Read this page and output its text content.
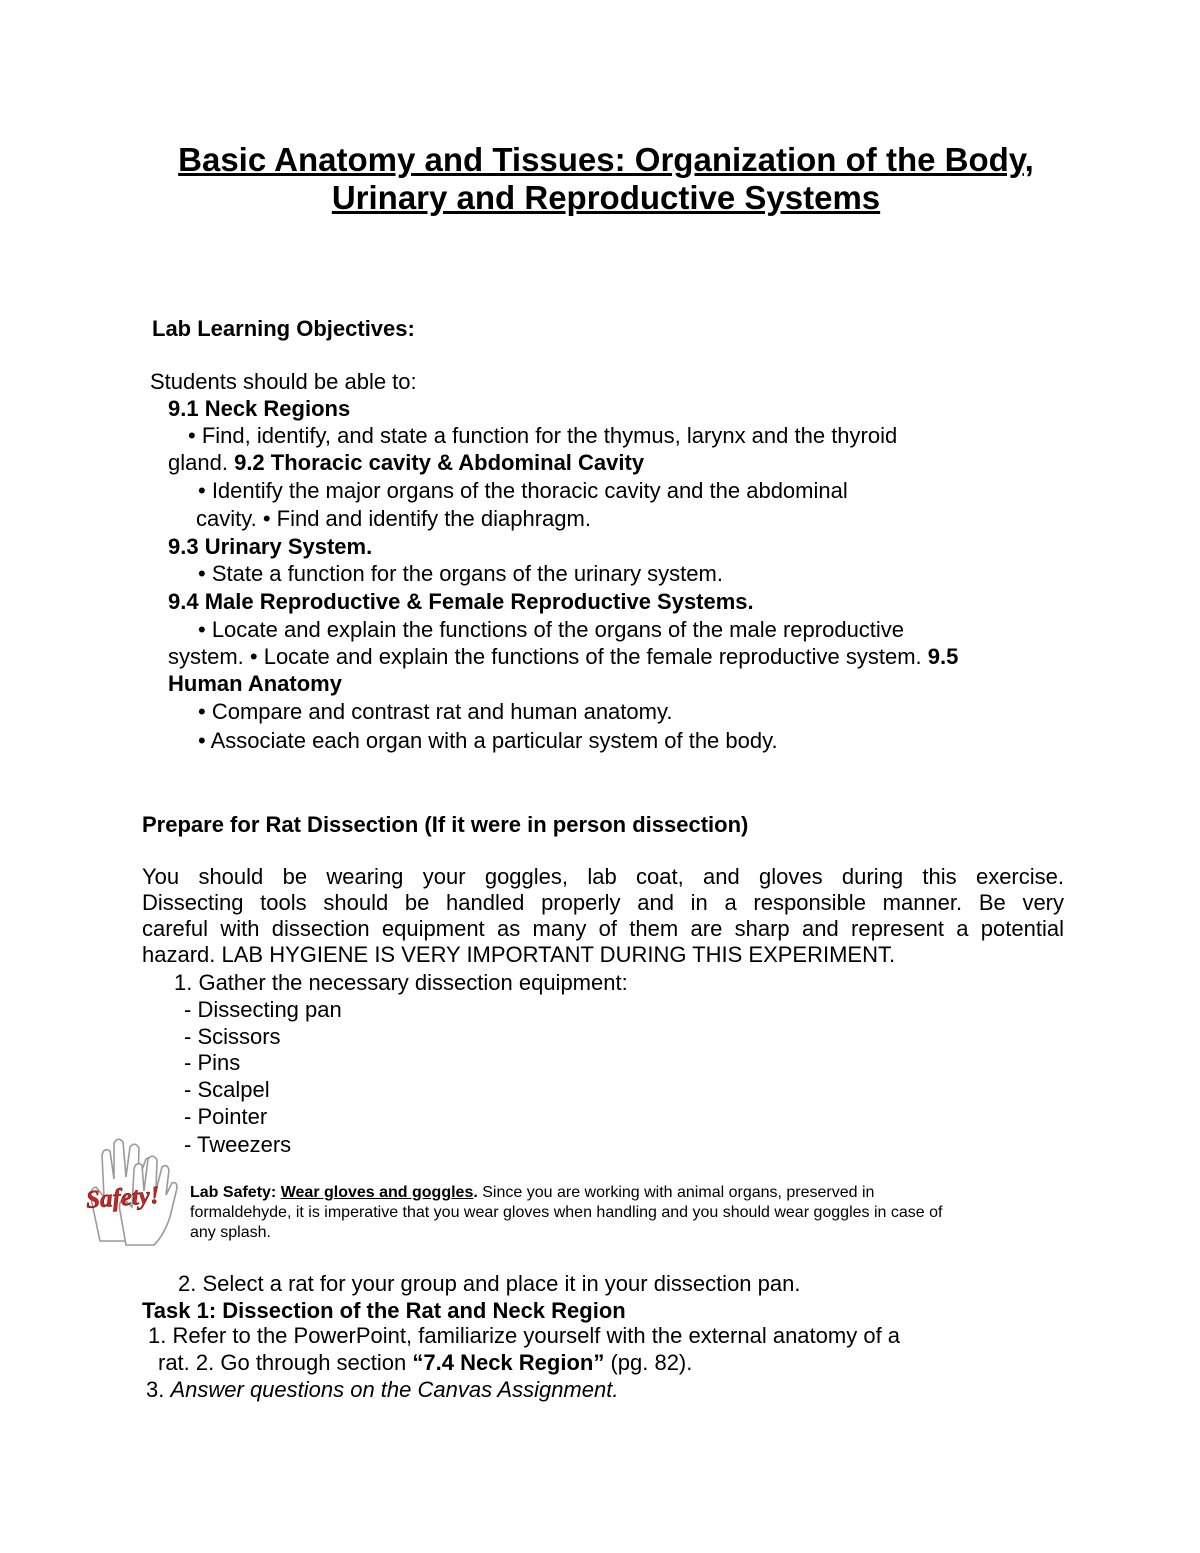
Basic Anatomy and Tissues: Organization of the Body,
Urinary and Reproductive Systems
Lab Learning Objectives:
Students should be able to:
9.1 Neck Regions
• Find, identify, and state a function for the thymus, larynx and the thyroid
gland. 9.2 Thoracic cavity & Abdominal Cavity
• Identify the major organs of the thoracic cavity and the abdominal
cavity. • Find and identify the diaphragm.
9.3 Urinary System.
• State a function for the organs of the urinary system.
9.4 Male Reproductive & Female Reproductive Systems.
• Locate and explain the functions of the organs of the male reproductive
system. • Locate and explain the functions of the female reproductive system. 9.5
Human Anatomy
• Compare and contrast rat and human anatomy.
• Associate each organ with a particular system of the body.
Prepare for Rat Dissection (If it were in person dissection)
You should be wearing your goggles, lab coat, and gloves during this exercise.
Dissecting tools should be handled properly and in a responsible manner. Be very
careful with dissection equipment as many of them are sharp and represent a potential
hazard. LAB HYGIENE IS VERY IMPORTANT DURING THIS EXPERIMENT.
1. Gather the necessary dissection equipment:
- Dissecting pan
- Scissors
- Pins
- Scalpel
- Pointer
- Tweezers
Safety! Lab Safety: Wear gloves and goggles. Since you are working with animal organs, preserved in
formaldehyde, it is imperative that you wear gloves when handling and you should wear goggles in case of
any splash.
2. Select a rat for your group and place it in your dissection pan.
Task 1: Dissection of the Rat and Neck Region
1. Refer to the PowerPoint, familiarize yourself with the external anatomy of a
rat. 2. Go through section “7.4 Neck Region” (pg. 82).
3. Answer questions on the Canvas Assignment.
